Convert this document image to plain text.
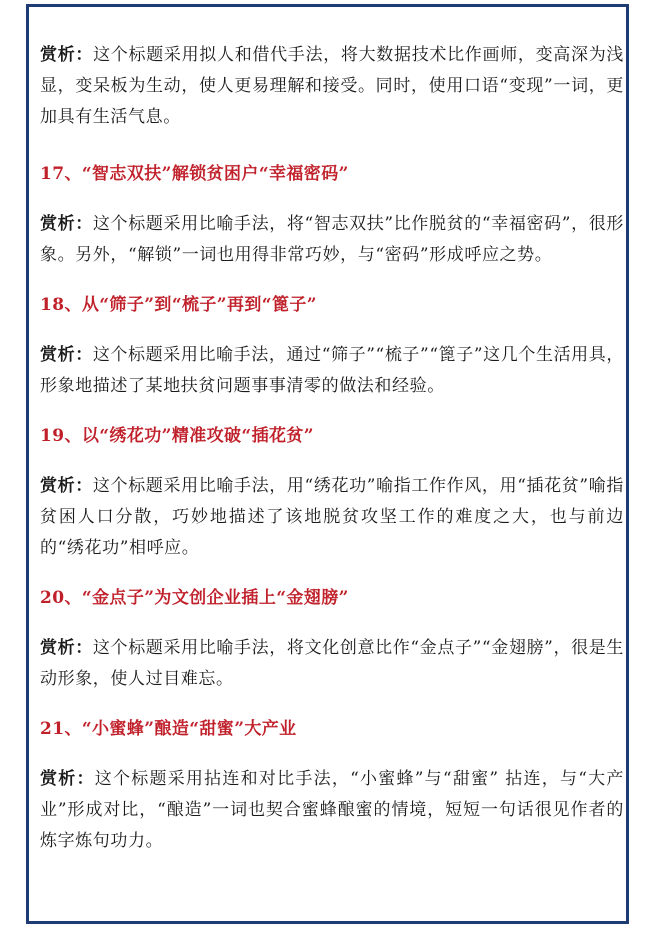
赏析：这个标题采用拟人和借代手法，将大数据技术比作画师，变高深为浅显，变呆板为生动，使人更易理解和接受。同时，使用口语“变现”一词，更加具有生活气息。

17、“智志双扶”解锁贫困户“幸福密码”

赏析：这个标题采用比喻手法，将“智志双扶”比作脱贫的“幸福密码”，很形象。另外，“解锁”一词也用得非常巧妙，与“密码”形成呼应之势。

18、从“筛子”到“梳子”再到“篦子”

赏析：这个标题采用比喻手法，通过“筛子”“梳子”“篦子”这几个生活用具，形象地描述了某地扶贫问题事事清零的做法和经验。

19、以“绣花功”精准攻破“插花贫”

赏析：这个标题采用比喻手法，用“绣花功”喻指工作作风，用“插花贫”喻指贫困人口分散，巧妙地描述了该地脱贫攻坚工作的难度之大，也与前边的“绣花功”相呼应。

20、“金点子”为文创企业插上“金翅膀”

赏析：这个标题采用比喻手法，将文化创意比作“金点子”“金翅膀”，很是生动形象，使人过目难忘。

21、“小蜜蜂”酿造“甜蜜”大产业

赏析：这个标题采用拈连和对比手法，“小蜜蜂”与“甜蜜” 拈连，与“大产业”形成对比，“酿造”一词也契合蜜蜂酿蜜的情境，短短一句话很见作者的炼字炼句功力。
